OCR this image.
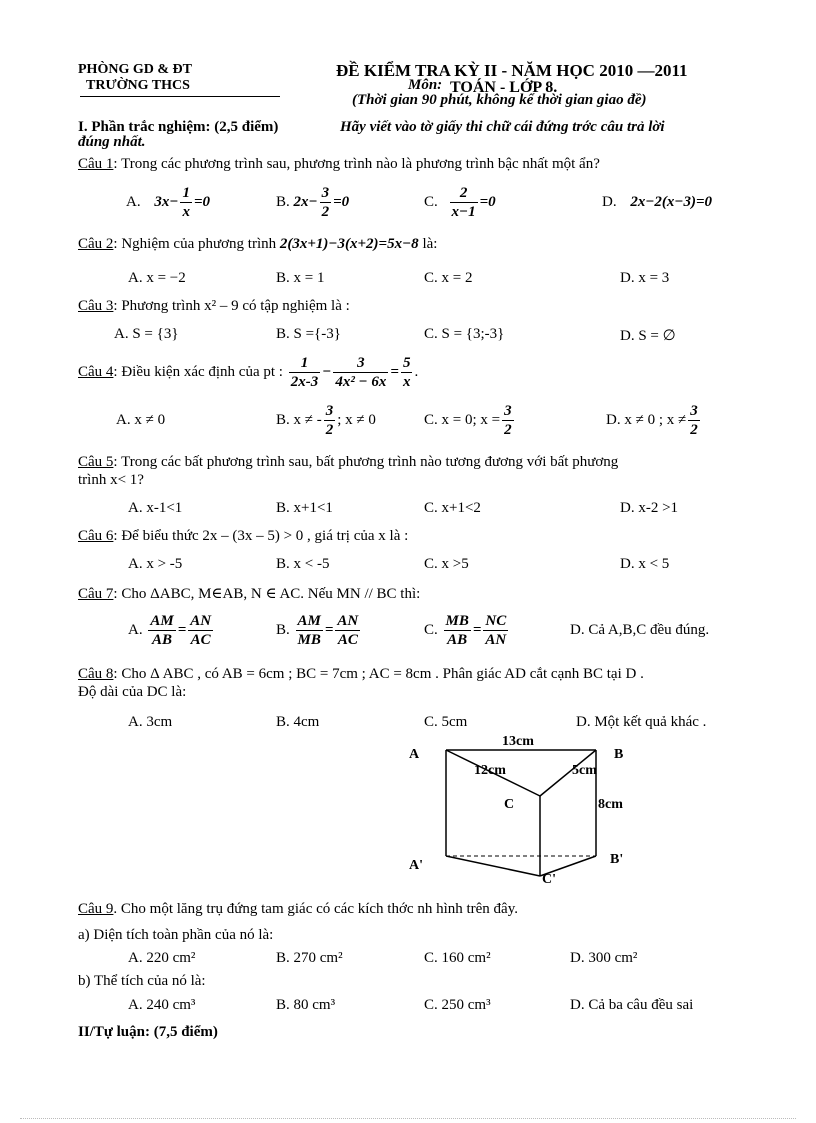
PHÒNG GD & ĐT
TRƯỜNG THCS
ĐỀ KIỂM TRA KỲ II - NĂM HỌC 2010 —2011
Môn: TOÁN - LỚP 8.
(Thời gian 90 phút, không kể thời gian giao đề)
I. Phần trắc nghiệm: (2,5 điểm)	Hãy viết vào tờ giấy thi chữ cái đứng trớc câu trả lời
đúng nhất.
Câu 1: Trong các phương trình sau, phương trình nào là phương trình bậc nhất một ẩn?
A. $3x- \frac{1}{x} =0$	B. $2x- \frac{3}{2} =0$	C. $\frac{2}{x-1} =0$	D. 2x−2(x−3)=0
Câu 2: Nghiệm của phương trình 2(3x+1)−3(x+2)=5x−8 là:
A. x = −2	B. x = 1	C. x = 2	D. x = 3
Câu 3: Phương trình x² – 9 có tập nghiệm là :
A. S = {3}	B. S ={-3}	C. S = {3;-3}	D. S = ∅
Câu 4: Điều kiện xác định của pt : $\frac{1}{2x-3} - \frac{3}{\text{4x² − 6x}} = \frac{5}{x}$ .
A. x ≠ 0	B. x ≠ - $\frac{3}{2}$ ; x ≠ 0	C. x = 0; $x = \frac{3}{2}$	D. x ≠ 0 ; $x \ne \frac{3}{2}$
Câu 5: Trong các bất phương trình sau, bất phương trình nào tương đương với bất phương
trình x< 1?
A. x-1<1	B. x+1<1	C. x+1<2	D. x-2 >1
Câu 6: Để biểu thức 2x – (3x – 5) > 0 , giá trị của x là :
A. x > -5	B. x < -5	C. x >5	D. x < 5
Câu 7: Cho ΔABC, M∈AB, N ∈ AC. Nếu MN // BC thì:
A. $\frac{AM}{AB} = \frac{AN}{AC}$	B. $\frac{AM}{MB} = \frac{AN}{AC}$	C. $\frac{MB}{AB} = \frac{NC}{AN}$	D. Cả A,B,C đều đúng.
Câu 8: Cho Δ ABC , có AB = 6cm ; BC = 7cm ; AC = 8cm . Phân giác AD cắt cạnh BC tại D .
Độ dài của DC là:
A. 3cm	B. 4cm	C. 5cm	D. Một kết quả khác .
A	B
C
A'	B'
C'
13cm
12cm	5cm
8cm
Câu 9. Cho một lăng trụ đứng tam giác có các kích thớc nh hình trên đây.
a) Diện tích toàn phần của nó là:
A. 220 cm²	B. 270 cm²	C. 160 cm²	D. 300 cm²
b) Thể tích của nó là:
A. 240 cm³	B. 80 cm³	C. 250 cm³	D. Cả ba câu đều sai
II/Tự luận: (7,5 điểm)
